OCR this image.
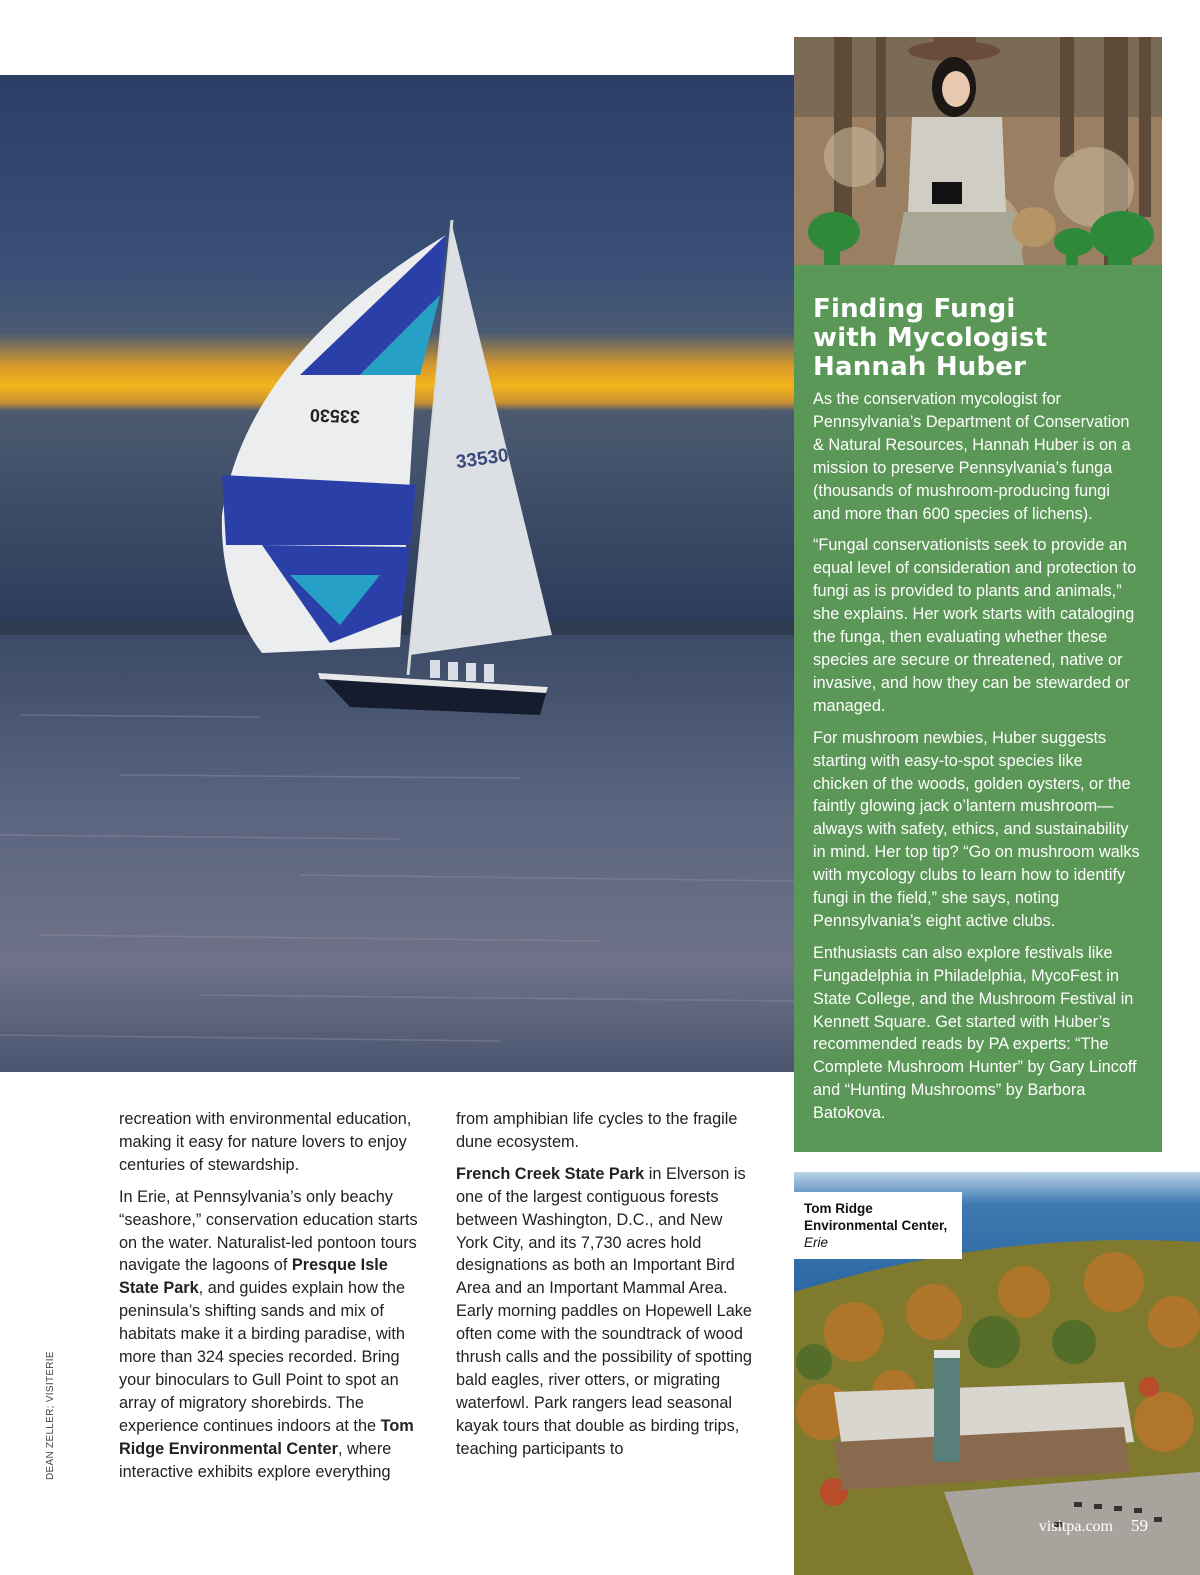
33530
33530
Finding Fungi
with Mycologist
Hannah Huber

As the conservation mycologist for Pennsylvania’s Department of Conservation & Natural Resources, Hannah Huber is on a mission to preserve Pennsylvania’s funga (thousands of mushroom-producing fungi and more than 600 species of lichens).

“Fungal conservationists seek to provide an equal level of consideration and protection to fungi as is provided to plants and animals,” she explains. Her work starts with cataloging the funga, then evaluating whether these species are secure or threatened, native or invasive, and how they can be stewarded or managed.

For mushroom newbies, Huber suggests starting with easy-to-spot species like chicken of the woods, golden oysters, or the faintly glowing jack o’lantern mushroom—always with safety, ethics, and sustainability in mind. Her top tip? “Go on mushroom walks with mycology clubs to learn how to identify fungi in the field,” she says, noting Pennsylvania’s eight active clubs.

Enthusiasts can also explore festivals like Fungadelphia in Philadelphia, MycoFest in State College, and the Mushroom Festival in Kennett Square. Get started with Huber’s recommended reads by PA experts: “The Complete Mushroom Hunter” by Gary Lincoff and “Hunting Mushrooms” by Barbora Batokova.

recreation with environmental education, making it easy for nature lovers to enjoy centuries of stewardship.

In Erie, at Pennsylvania’s only beachy “seashore,” conservation education starts on the water. Naturalist-led pontoon tours navigate the lagoons of Presque Isle State Park, and guides explain how the peninsula’s shifting sands and mix of habitats make it a birding paradise, with more than 324 species recorded. Bring your binoculars to Gull Point to spot an array of migratory shorebirds. The experience continues indoors at the Tom Ridge Environmental Center, where interactive exhibits explore everything

from amphibian life cycles to the fragile dune ecosystem.

French Creek State Park in Elverson is one of the largest contiguous forests between Washington, D.C., and New York City, and its 7,730 acres hold designations as both an Important Bird Area and an Important Mammal Area. Early morning paddles on Hopewell Lake often come with the soundtrack of wood thrush calls and the possibility of spotting bald eagles, river otters, or migrating waterfowl. Park rangers lead seasonal kayak tours that double as birding trips, teaching participants to

DEAN ZELLER; VISITERIE
Tom Ridge
Environmental Center,
Erie
visitpa.com 59
